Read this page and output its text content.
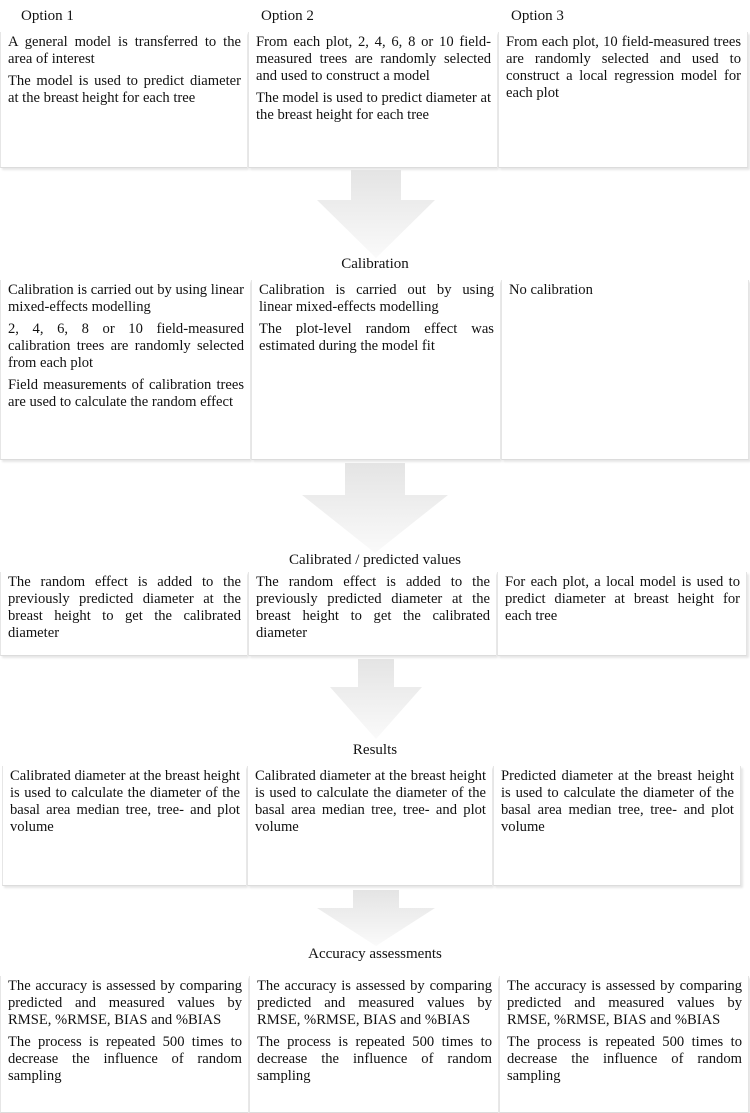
Option 1	Option 2	Option 3

A general model is transferred to the area of interest

The model is used to predict diameter at the breast height for each tree

From each plot, 2, 4, 6, 8 or 10 field-measured trees are randomly selected and used to construct a model

The model is used to predict diameter at the breast height for each tree

From each plot, 10 field-measured trees are randomly selected and used to construct a local regression model for each plot

Calibration

Calibration is carried out by using linear mixed-effects modelling

2, 4, 6, 8 or 10 field-measured calibration trees are randomly selected from each plot

Field measurements of calibration trees are used to calculate the random effect

Calibration is carried out by using linear mixed-effects modelling

The plot-level random effect was estimated during the model fit

No calibration

Calibrated / predicted values

The random effect is added to the previously predicted diameter at the breast height to get the calibrated diameter

The random effect is added to the previously predicted diameter at the breast height to get the calibrated diameter

For each plot, a local model is used to predict diameter at breast height for each tree

Results

Calibrated diameter at the breast height is used to calculate the diameter of the basal area median tree, tree- and plot volume

Calibrated diameter at the breast height is used to calculate the diameter of the basal area median tree, tree- and plot volume

Predicted diameter at the breast height is used to calculate the diameter of the basal area median tree, tree- and plot volume

Accuracy assessments

The accuracy is assessed by comparing predicted and measured values by RMSE, %RMSE, BIAS and %BIAS

The process is repeated 500 times to decrease the influence of random sampling

The accuracy is assessed by comparing predicted and measured values by RMSE, %RMSE, BIAS and %BIAS

The process is repeated 500 times to decrease the influence of random sampling

The accuracy is assessed by comparing predicted and measured values by RMSE, %RMSE, BIAS and %BIAS

The process is repeated 500 times to decrease the influence of random sampling
